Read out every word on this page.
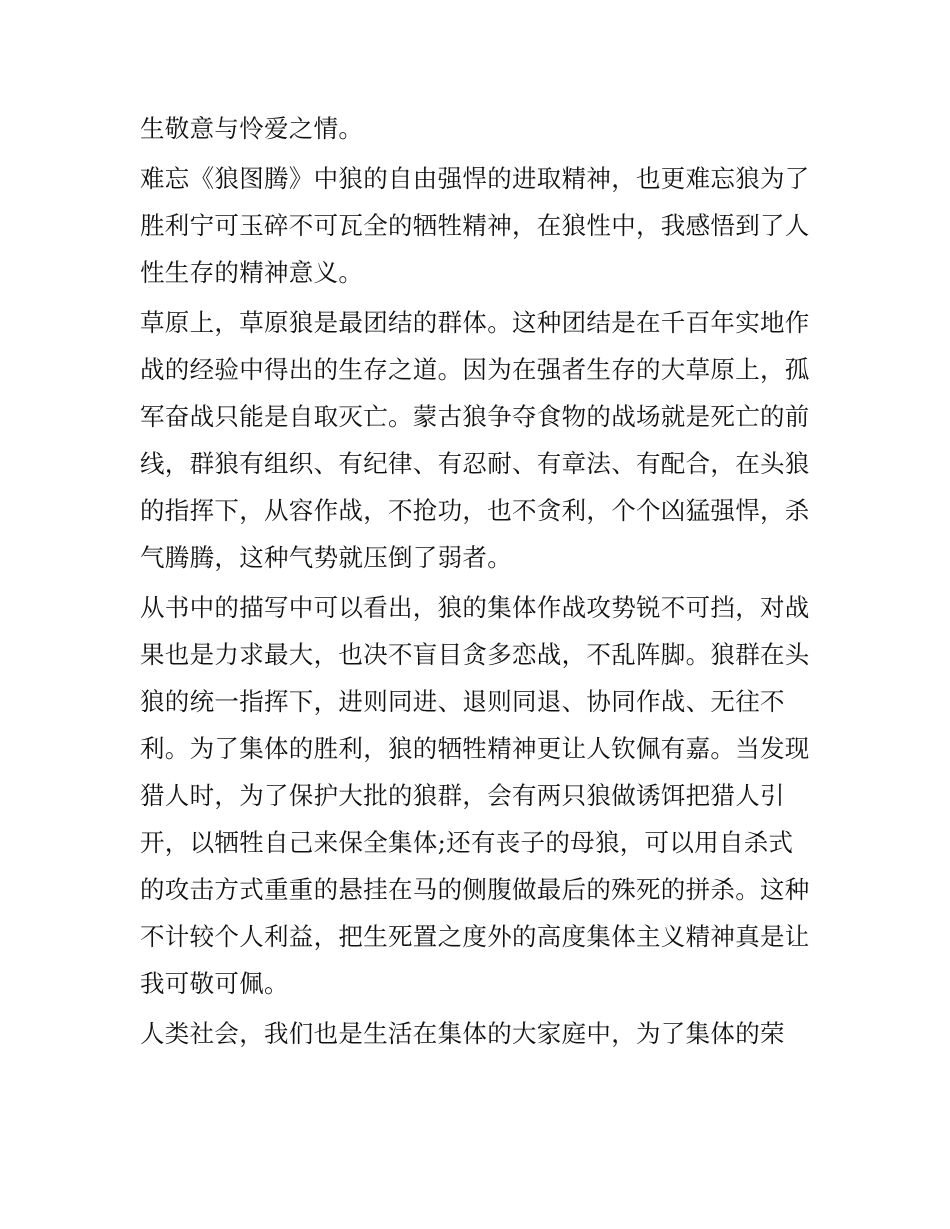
生敬意与怜爱之情。
难忘《狼图腾》中狼的自由强悍的进取精神，也更难忘狼为了
胜利宁可玉碎不可瓦全的牺牲精神，在狼性中，我感悟到了人
性生存的精神意义。
草原上，草原狼是最团结的群体。这种团结是在千百年实地作
战的经验中得出的生存之道。因为在强者生存的大草原上，孤
军奋战只能是自取灭亡。蒙古狼争夺食物的战场就是死亡的前
线，群狼有组织、有纪律、有忍耐、有章法、有配合，在头狼
的指挥下，从容作战，不抢功，也不贪利，个个凶猛强悍，杀
气腾腾，这种气势就压倒了弱者。
从书中的描写中可以看出，狼的集体作战攻势锐不可挡，对战
果也是力求最大，也决不盲目贪多恋战，不乱阵脚。狼群在头
狼的统一指挥下，进则同进、退则同退、协同作战、无往不
利。为了集体的胜利，狼的牺牲精神更让人钦佩有嘉。当发现
猎人时，为了保护大批的狼群，会有两只狼做诱饵把猎人引
开，以牺牲自己来保全集体;还有丧子的母狼，可以用自杀式
的攻击方式重重的悬挂在马的侧腹做最后的殊死的拼杀。这种
不计较个人利益，把生死置之度外的高度集体主义精神真是让
我可敬可佩。
人类社会，我们也是生活在集体的大家庭中，为了集体的荣
